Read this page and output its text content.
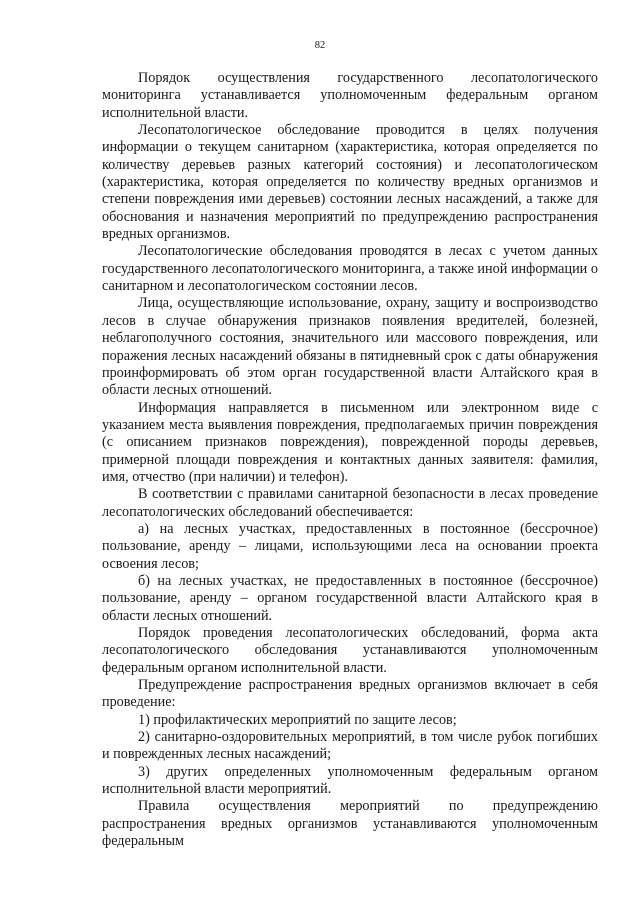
82

Порядок осуществления государственного лесопатологического мониторинга устанавливается уполномоченным федеральным органом исполнительной власти.

Лесопатологическое обследование проводится в целях получения информации о текущем санитарном (характеристика, которая определяется по количеству деревьев разных категорий состояния) и лесопатологическом (характеристика, которая определяется по количеству вредных организмов и степени повреждения ими деревьев) состоянии лесных насаждений, а также для обоснования и назначения мероприятий по предупреждению распространения вредных организмов.

Лесопатологические обследования проводятся в лесах с учетом данных государственного лесопатологического мониторинга, а также иной информации о санитарном и лесопатологическом состоянии лесов.

Лица, осуществляющие использование, охрану, защиту и воспроизводство лесов в случае обнаружения признаков появления вредителей, болезней, неблагополучного состояния, значительного или массового повреждения, или поражения лесных насаждений обязаны в пятидневный срок с даты обнаружения проинформировать об этом орган государственной власти Алтайского края в области лесных отношений.

Информация направляется в письменном или электронном виде с указанием места выявления повреждения, предполагаемых причин повреждения (с описанием признаков повреждения), поврежденной породы деревьев, примерной площади повреждения и контактных данных заявителя: фамилия, имя, отчество (при наличии) и телефон).

В соответствии с правилами санитарной безопасности в лесах проведение лесопатологических обследований обеспечивается:

а) на лесных участках, предоставленных в постоянное (бессрочное) пользование, аренду – лицами, использующими леса на основании проекта освоения лесов;

б) на лесных участках, не предоставленных в постоянное (бессрочное) пользование, аренду – органом государственной власти Алтайского края в области лесных отношений.

Порядок проведения лесопатологических обследований, форма акта лесопатологического обследования устанавливаются уполномоченным федеральным органом исполнительной власти.

Предупреждение распространения вредных организмов включает в себя проведение:

1) профилактических мероприятий по защите лесов;

2) санитарно-оздоровительных мероприятий, в том числе рубок погибших и поврежденных лесных насаждений;

3) других определенных уполномоченным федеральным органом исполнительной власти мероприятий.

Правила осуществления мероприятий по предупреждению распространения вредных организмов устанавливаются уполномоченным федеральным
